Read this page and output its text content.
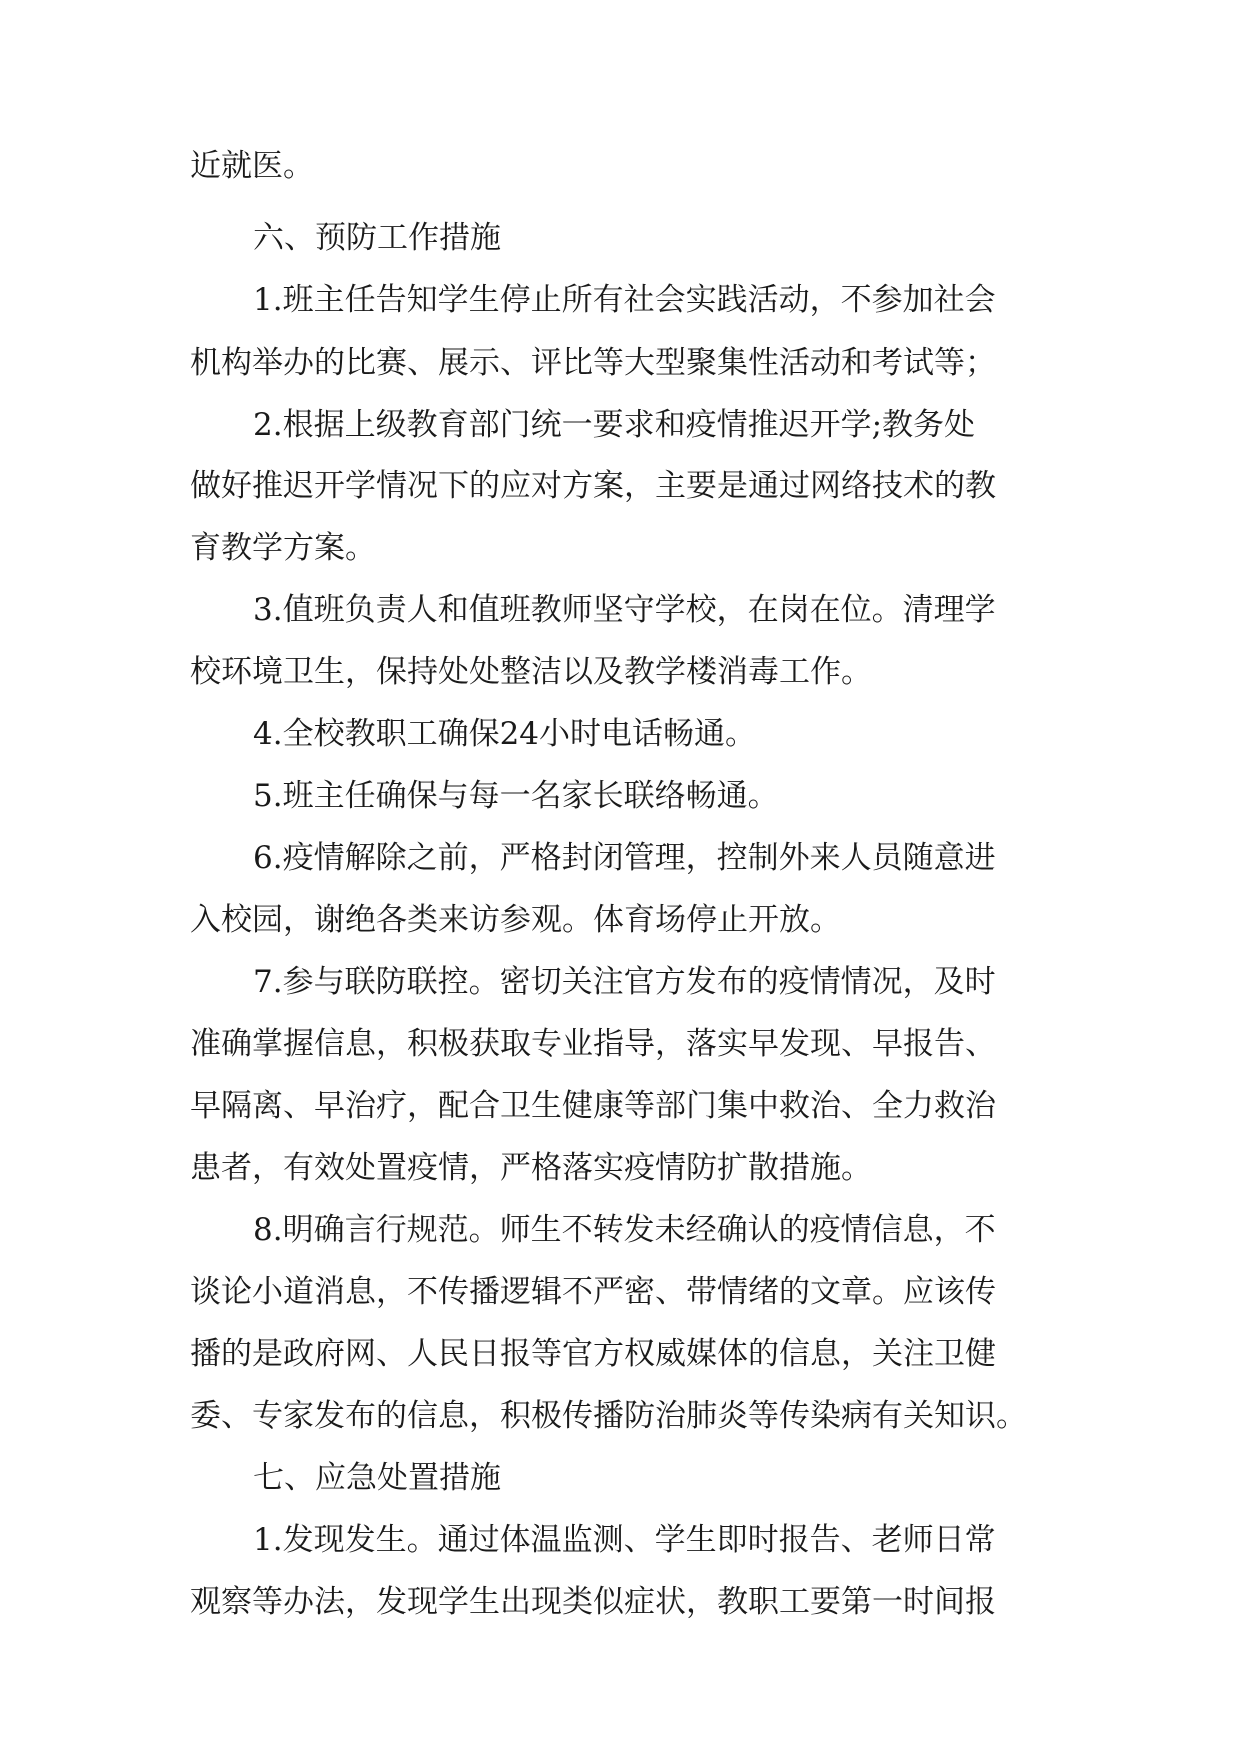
近就医。

六、预防工作措施

1.班主任告知学生停止所有社会实践活动，不参加社会

机构举办的比赛、展示、评比等大型聚集性活动和考试等；

2.根据上级教育部门统一要求和疫情推迟开学;教务处

做好推迟开学情况下的应对方案，主要是通过网络技术的教

育教学方案。

3.值班负责人和值班教师坚守学校，在岗在位。清理学

校环境卫生，保持处处整洁以及教学楼消毒工作。

4.全校教职工确保24小时电话畅通。

5.班主任确保与每一名家长联络畅通。

6.疫情解除之前，严格封闭管理，控制外来人员随意进

入校园，谢绝各类来访参观。体育场停止开放。

7.参与联防联控。密切关注官方发布的疫情情况，及时

准确掌握信息，积极获取专业指导，落实早发现、早报告、

早隔离、早治疗，配合卫生健康等部门集中救治、全力救治

患者，有效处置疫情，严格落实疫情防扩散措施。

8.明确言行规范。师生不转发未经确认的疫情信息，不

谈论小道消息，不传播逻辑不严密、带情绪的文章。应该传

播的是政府网、人民日报等官方权威媒体的信息，关注卫健

委、专家发布的信息，积极传播防治肺炎等传染病有关知识。

七、应急处置措施

1.发现发生。通过体温监测、学生即时报告、老师日常

观察等办法，发现学生出现类似症状，教职工要第一时间报
